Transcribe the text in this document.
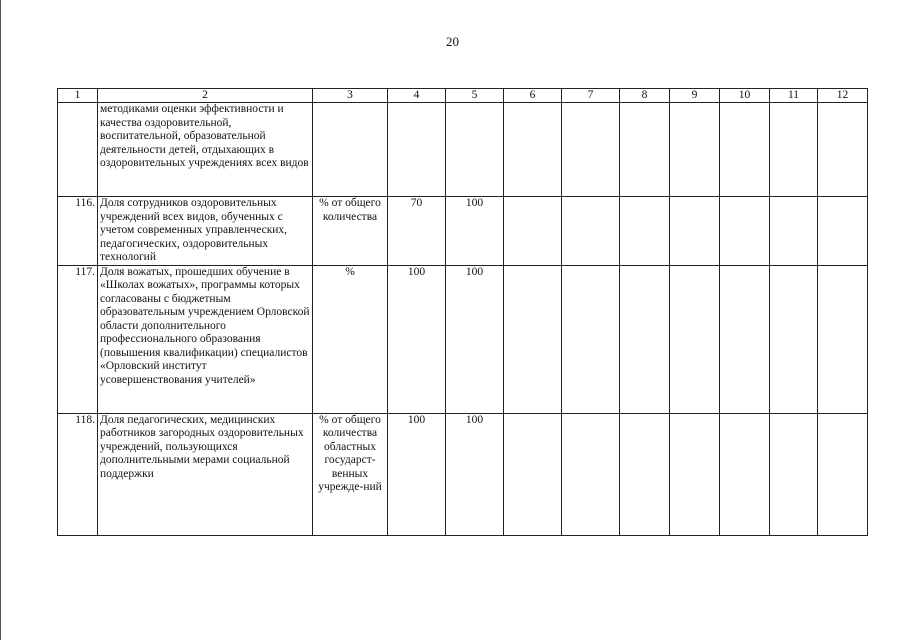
20
1	2	3	4	5	6	7	8	9	10	11	12
	методиками оценки эффективности и качества оздоровительной, воспитательной, образовательной деятельности детей, отдыхающих в оздоровительных учреждениях всех видов										
116.	Доля сотрудников оздоровительных учреждений всех видов, обученных с учетом современных управленческих, педагогических, оздоровительных технологий	% от общего количества	70	100							
117.	Доля вожатых, прошедших обучение в «Школах вожатых», программы которых согласованы с бюджетным образовательным учреждением Орловской области дополнительного профессионального образования (повышения квалификации) специалистов «Орловский институт усовершенствования учителей»	%	100	100							
118.	Доля педагогических, медицинских работников загородных оздоровительных учреждений, пользующихся дополнительными мерами социальной поддержки	% от общего количества областных государст-венных учрежде-ний	100	100							
